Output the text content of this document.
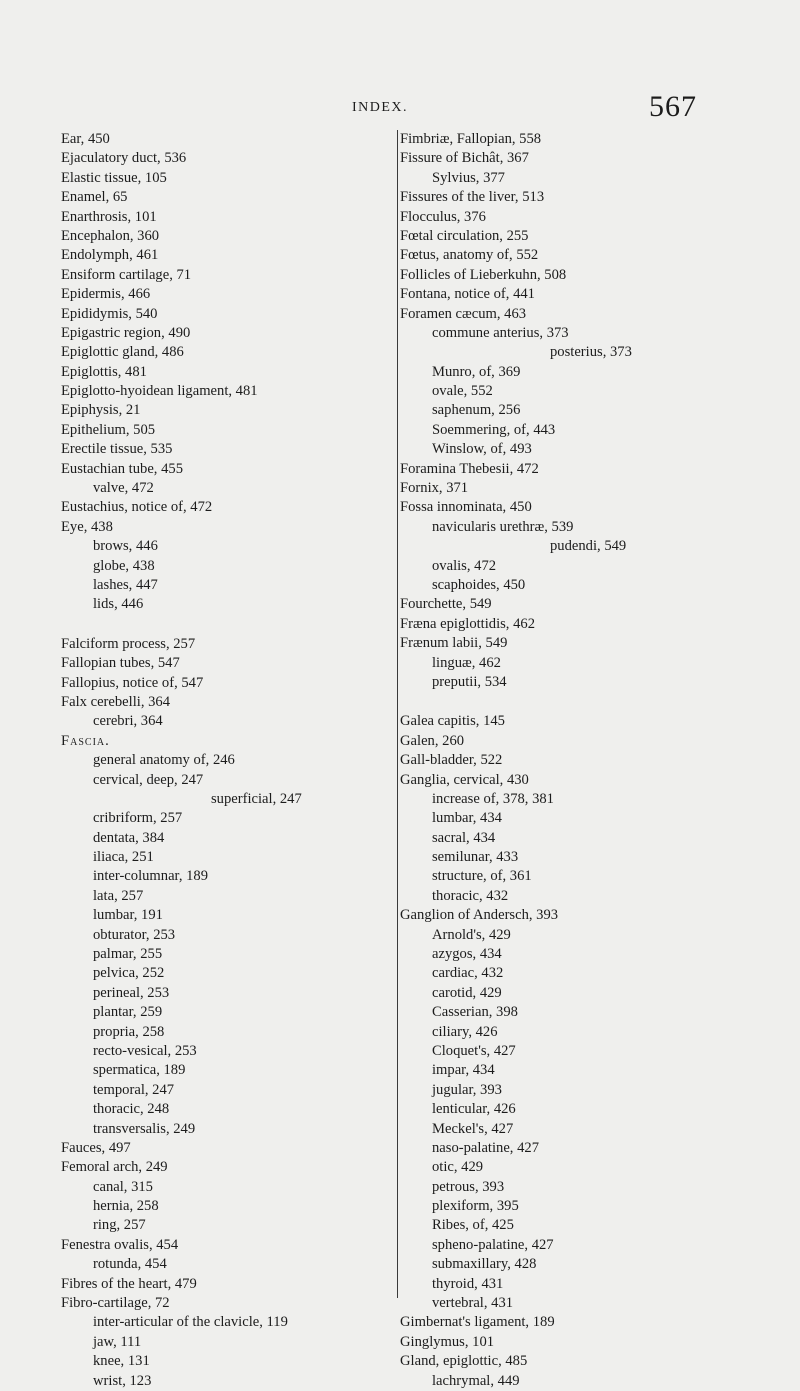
INDEX.	567
Ear, 450
Ejaculatory duct, 536
Elastic tissue, 105
Enamel, 65
Enarthrosis, 101
Encephalon, 360
Endolymph, 461
Ensiform cartilage, 71
Epidermis, 466
Epididymis, 540
Epigastric region, 490
Epiglottic gland, 486
Epiglottis, 481
Epiglotto-hyoidean ligament, 481
Epiphysis, 21
Epithelium, 505
Erectile tissue, 535
Eustachian tube, 455
valve, 472
Eustachius, notice of, 472
Eye, 438
brows, 446
globe, 438
lashes, 447
lids, 446
Falciform process, 257
Fallopian tubes, 547
Fallopius, notice of, 547
Falx cerebelli, 364
cerebri, 364
Fascia.
general anatomy of, 246
cervical, deep, 247
superficial, 247
cribriform, 257
dentata, 384
iliaca, 251
inter-columnar, 189
lata, 257
lumbar, 191
obturator, 253
palmar, 255
pelvica, 252
perineal, 253
plantar, 259
propria, 258
recto-vesical, 253
spermatica, 189
temporal, 247
thoracic, 248
transversalis, 249
Fauces, 497
Femoral arch, 249
canal, 315
hernia, 258
ring, 257
Fenestra ovalis, 454
rotunda, 454
Fibres of the heart, 479
Fibro-cartilage, 72
inter-articular of the clavicle, 119
jaw, 111
knee, 131
wrist, 123
Fimbriæ, Fallopian, 558
Fissure of Bichât, 367
Sylvius, 377
Fissures of the liver, 513
Flocculus, 376
Fœtal circulation, 255
Fœtus, anatomy of, 552
Follicles of Lieberkuhn, 508
Fontana, notice of, 441
Foramen cæcum, 463
commune anterius, 373
posterius, 373
Munro, of, 369
ovale, 552
saphenum, 256
Soemmering, of, 443
Winslow, of, 493
Foramina Thebesii, 472
Fornix, 371
Fossa innominata, 450
navicularis urethræ, 539
pudendi, 549
ovalis, 472
scaphoides, 450
Fourchette, 549
Fræna epiglottidis, 462
Frænum labii, 549
linguæ, 462
preputii, 534
Galea capitis, 145
Galen, 260
Gall-bladder, 522
Ganglia, cervical, 430
increase of, 378, 381
lumbar, 434
sacral, 434
semilunar, 433
structure, of, 361
thoracic, 432
Ganglion of Andersch, 393
Arnold's, 429
azygos, 434
cardiac, 432
carotid, 429
Casserian, 398
ciliary, 426
Cloquet's, 427
impar, 434
jugular, 393
lenticular, 426
Meckel's, 427
naso-palatine, 427
otic, 429
petrous, 393
plexiform, 395
Ribes, of, 425
spheno-palatine, 427
submaxillary, 428
thyroid, 431
vertebral, 431
Gimbernat's ligament, 189
Ginglymus, 101
Gland, epiglottic, 485
lachrymal, 449
